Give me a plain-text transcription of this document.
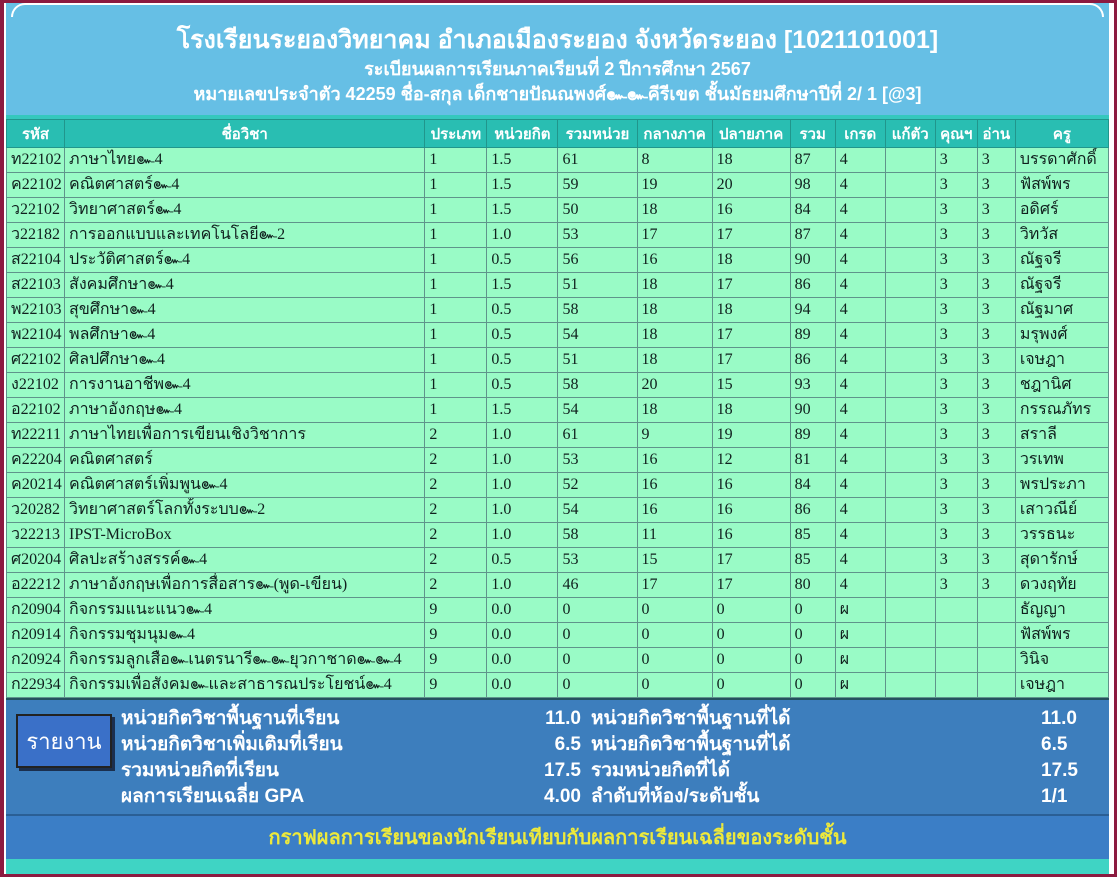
โรงเรียนระยองวิทยาคม อำเภอเมืองระยอง จังหวัดระยอง [1021101001]
ระเบียนผลการเรียนภาคเรียนที่ 2 ปีการศึกษา 2567
หมายเลขประจำตัว 42259 ชื่อ-สกุล เด็กชายปัณณพงศ์๛๛คีรีเขต ชั้นมัธยมศึกษาปีที่ 2/ 1 [@3]
รหัส	ชื่อวิชา	ประเภท	หน่วยกิต	รวมหน่วย	กลางภาค	ปลายภาค	รวม	เกรด	แก้ตัว	คุณฯ	อ่าน	ครู
ท22102	ภาษาไทย๛4	1	1.5	61	8	18	87	4		3	3	บรรดาศักดิ์
ค22102	คณิตศาสตร์๛4	1	1.5	59	19	20	98	4		3	3	ฟัสพ์พร
ว22102	วิทยาศาสตร์๛4	1	1.5	50	18	16	84	4		3	3	อดิศร์
ว22182	การออกแบบและเทคโนโลยี๛2	1	1.0	53	17	17	87	4		3	3	วิทวัส
ส22104	ประวัติศาสตร์๛4	1	0.5	56	16	18	90	4		3	3	ณัฐจรี
ส22103	สังคมศึกษา๛4	1	1.5	51	18	17	86	4		3	3	ณัฐจรี
พ22103	สุขศึกษา๛4	1	0.5	58	18	18	94	4		3	3	ณัฐมาศ
พ22104	พลศึกษา๛4	1	0.5	54	18	17	89	4		3	3	มรุพงศ์
ศ22102	ศิลปศึกษา๛4	1	0.5	51	18	17	86	4		3	3	เจษฎา
ง22102	การงานอาชีพ๛4	1	0.5	58	20	15	93	4		3	3	ชฎานิศ
อ22102	ภาษาอังกฤษ๛4	1	1.5	54	18	18	90	4		3	3	กรรณภัทร
ท22211	ภาษาไทยเพื่อการเขียนเชิงวิชาการ	2	1.0	61	9	19	89	4		3	3	สราลี
ค22204	คณิตศาสตร์	2	1.0	53	16	12	81	4		3	3	วรเทพ
ค20214	คณิตศาสตร์เพิ่มพูน๛4	2	1.0	52	16	16	84	4		3	3	พรประภา
ว20282	วิทยาศาสตร์โลกทั้งระบบ๛2	2	1.0	54	16	16	86	4		3	3	เสาวณีย์
ว22213	IPST-MicroBox	2	1.0	58	11	16	85	4		3	3	วรรธนะ
ศ20204	ศิลปะสร้างสรรค์๛4	2	0.5	53	15	17	85	4		3	3	สุดารักษ์
อ22212	ภาษาอังกฤษเพื่อการสื่อสาร๛(พูด-เขียน)	2	1.0	46	17	17	80	4		3	3	ดวงฤทัย
ก20904	กิจกรรมแนะแนว๛4	9	0.0	0	0	0	0	ผ				ธัญญา
ก20914	กิจกรรมชุมนุม๛4	9	0.0	0	0	0	0	ผ				ฟัสพ์พร
ก20924	กิจกรรมลูกเสือ๛เนตรนารี๛๛ยุวกาชาด๛๛4	9	0.0	0	0	0	0	ผ				วินิจ
ก22934	กิจกรรมเพื่อสังคม๛และสาธารณประโยชน์๛4	9	0.0	0	0	0	0	ผ				เจษฎา
รายงาน
หน่วยกิตวิชาพื้นฐานที่เรียน	11.0 หน่วยกิตวิชาพื้นฐานที่ได้	11.0
หน่วยกิตวิชาเพิ่มเติมที่เรียน	6.5 หน่วยกิตวิชาพื้นฐานที่ได้	6.5
รวมหน่วยกิตที่เรียน	17.5 รวมหน่วยกิตที่ได้	17.5
ผลการเรียนเฉลี่ย GPA	4.00 ลำดับที่ห้อง/ระดับชั้น	1/1
กราฟผลการเรียนของนักเรียนเทียบกับผลการเรียนเฉลี่ยของระดับชั้น
